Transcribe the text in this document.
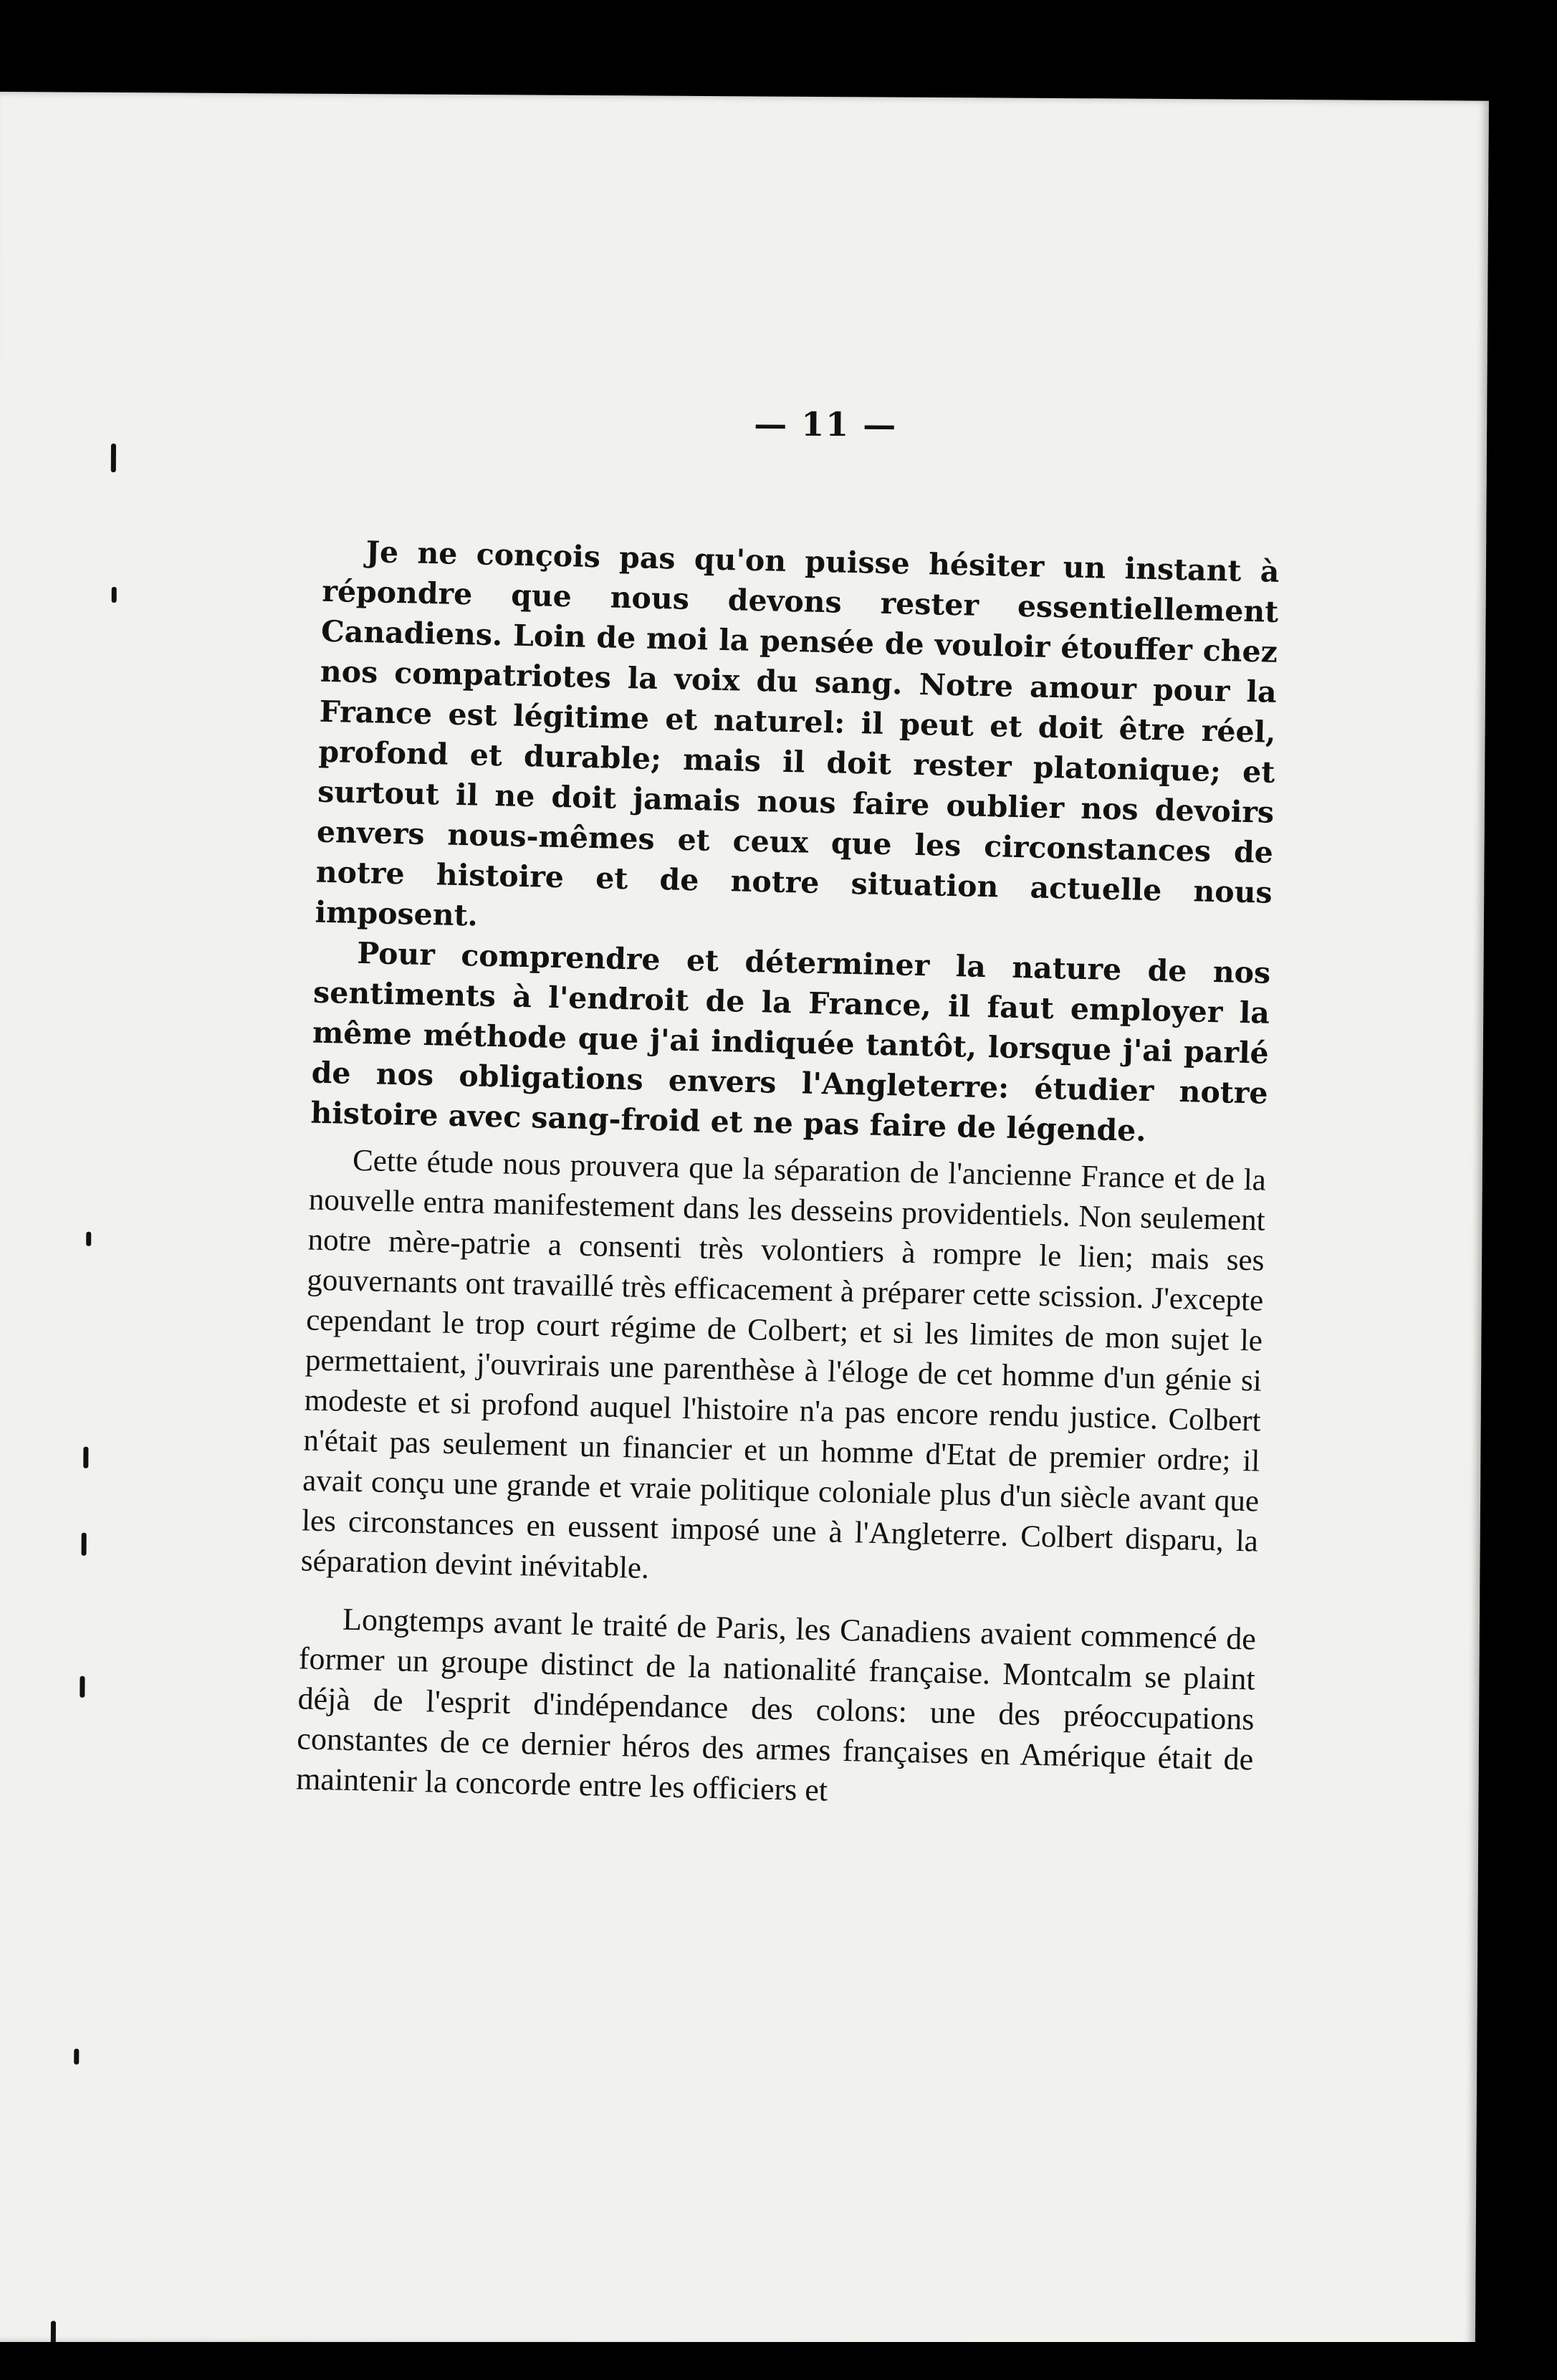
— 11 —

Je ne conçois pas qu'on puisse hésiter un instant à répondre que nous devons rester essentiellement Canadiens. Loin de moi la pensée de vouloir étouffer chez nos compatriotes la voix du sang. Notre amour pour la France est légitime et naturel: il peut et doit être réel, profond et durable; mais il doit rester platonique; et surtout il ne doit jamais nous faire oublier nos devoirs envers nous-mêmes et ceux que les circonstances de notre histoire et de notre situation actuelle nous imposent.

Pour comprendre et déterminer la nature de nos sentiments à l'endroit de la France, il faut employer la même méthode que j'ai indiquée tantôt, lorsque j'ai parlé de nos obligations envers l'Angleterre: étudier notre histoire avec sang-froid et ne pas faire de légende.

Cette étude nous prouvera que la séparation de l'ancienne France et de la nouvelle entra manifestement dans les desseins providentiels. Non seulement notre mère-patrie a consenti très volontiers à rompre le lien; mais ses gouvernants ont travaillé très efficacement à préparer cette scission. J'excepte cependant le trop court régime de Colbert; et si les limites de mon sujet le permettaient, j'ouvrirais une parenthèse à l'éloge de cet homme d'un génie si modeste et si profond auquel l'histoire n'a pas encore rendu justice. Colbert n'était pas seulement un financier et un homme d'Etat de premier ordre; il avait conçu une grande et vraie politique coloniale plus d'un siècle avant que les circonstances en eussent imposé une à l'Angleterre. Colbert disparu, la séparation devint inévitable.

Longtemps avant le traité de Paris, les Canadiens avaient commencé de former un groupe distinct de la nationalité française. Montcalm se plaint déjà de l'esprit d'indépendance des colons: une des préoccupations constantes de ce dernier héros des armes françaises en Amérique était de maintenir la concorde entre les officiers et
